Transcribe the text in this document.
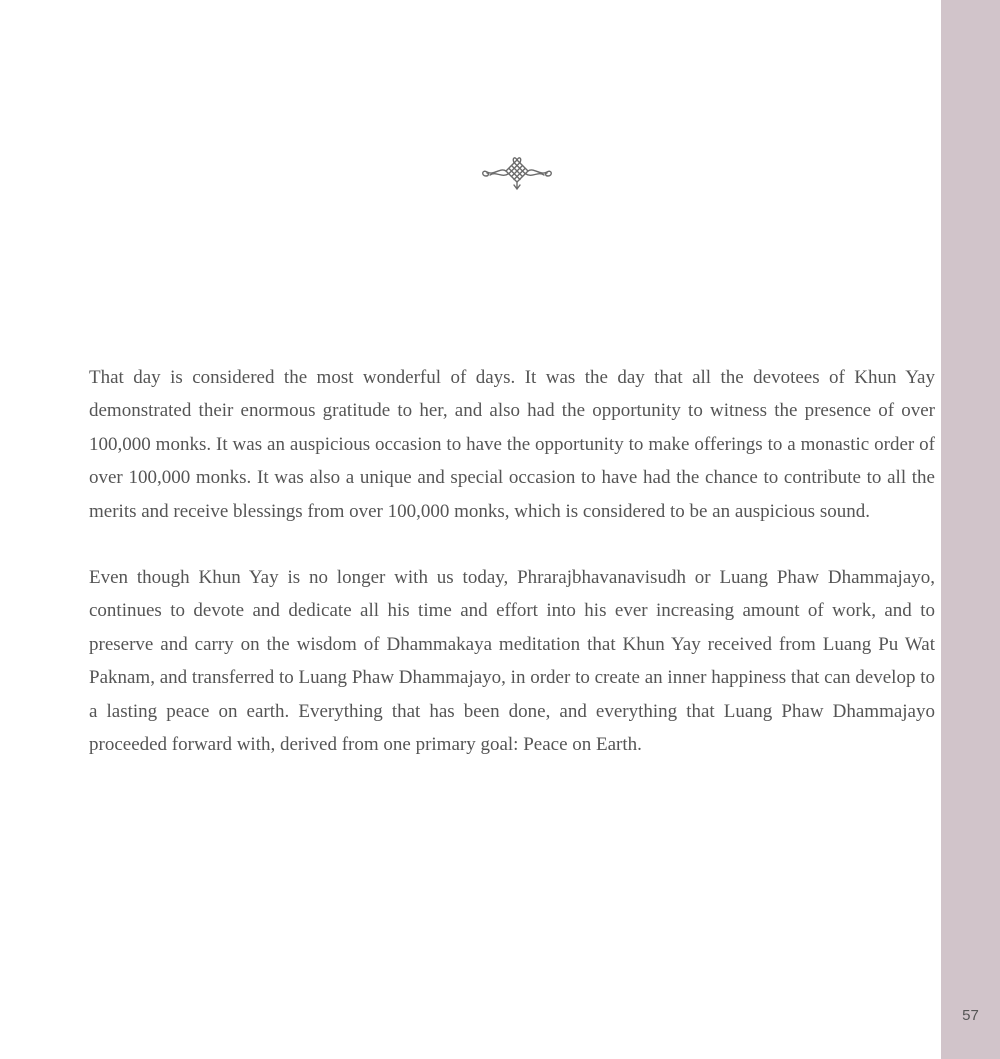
That day is considered the most wonderful of days. It was the day that all the devotees of Khun Yay demonstrated their enormous gratitude to her, and also had the opportunity to witness the presence of over 100,000 monks. It was an auspicious occasion to have the opportunity to make offerings to a monastic order of over 100,000 monks. It was also a unique and special occasion to have had the chance to contribute to all the merits and receive blessings from over 100,000 monks, which is considered to be an auspicious sound.

Even though Khun Yay is no longer with us today, Phrarajbhavanavisudh or Luang Phaw Dhammajayo, continues to devote and dedicate all his time and effort into his ever increasing amount of work, and to preserve and carry on the wisdom of Dhammakaya meditation that Khun Yay received from Luang Pu Wat Paknam, and transferred to Luang Phaw Dhammajayo, in order to create an inner happiness that can develop to a lasting peace on earth. Everything that has been done, and everything that Luang Phaw Dhammajayo proceeded forward with, derived from one primary goal: Peace on Earth.

57
